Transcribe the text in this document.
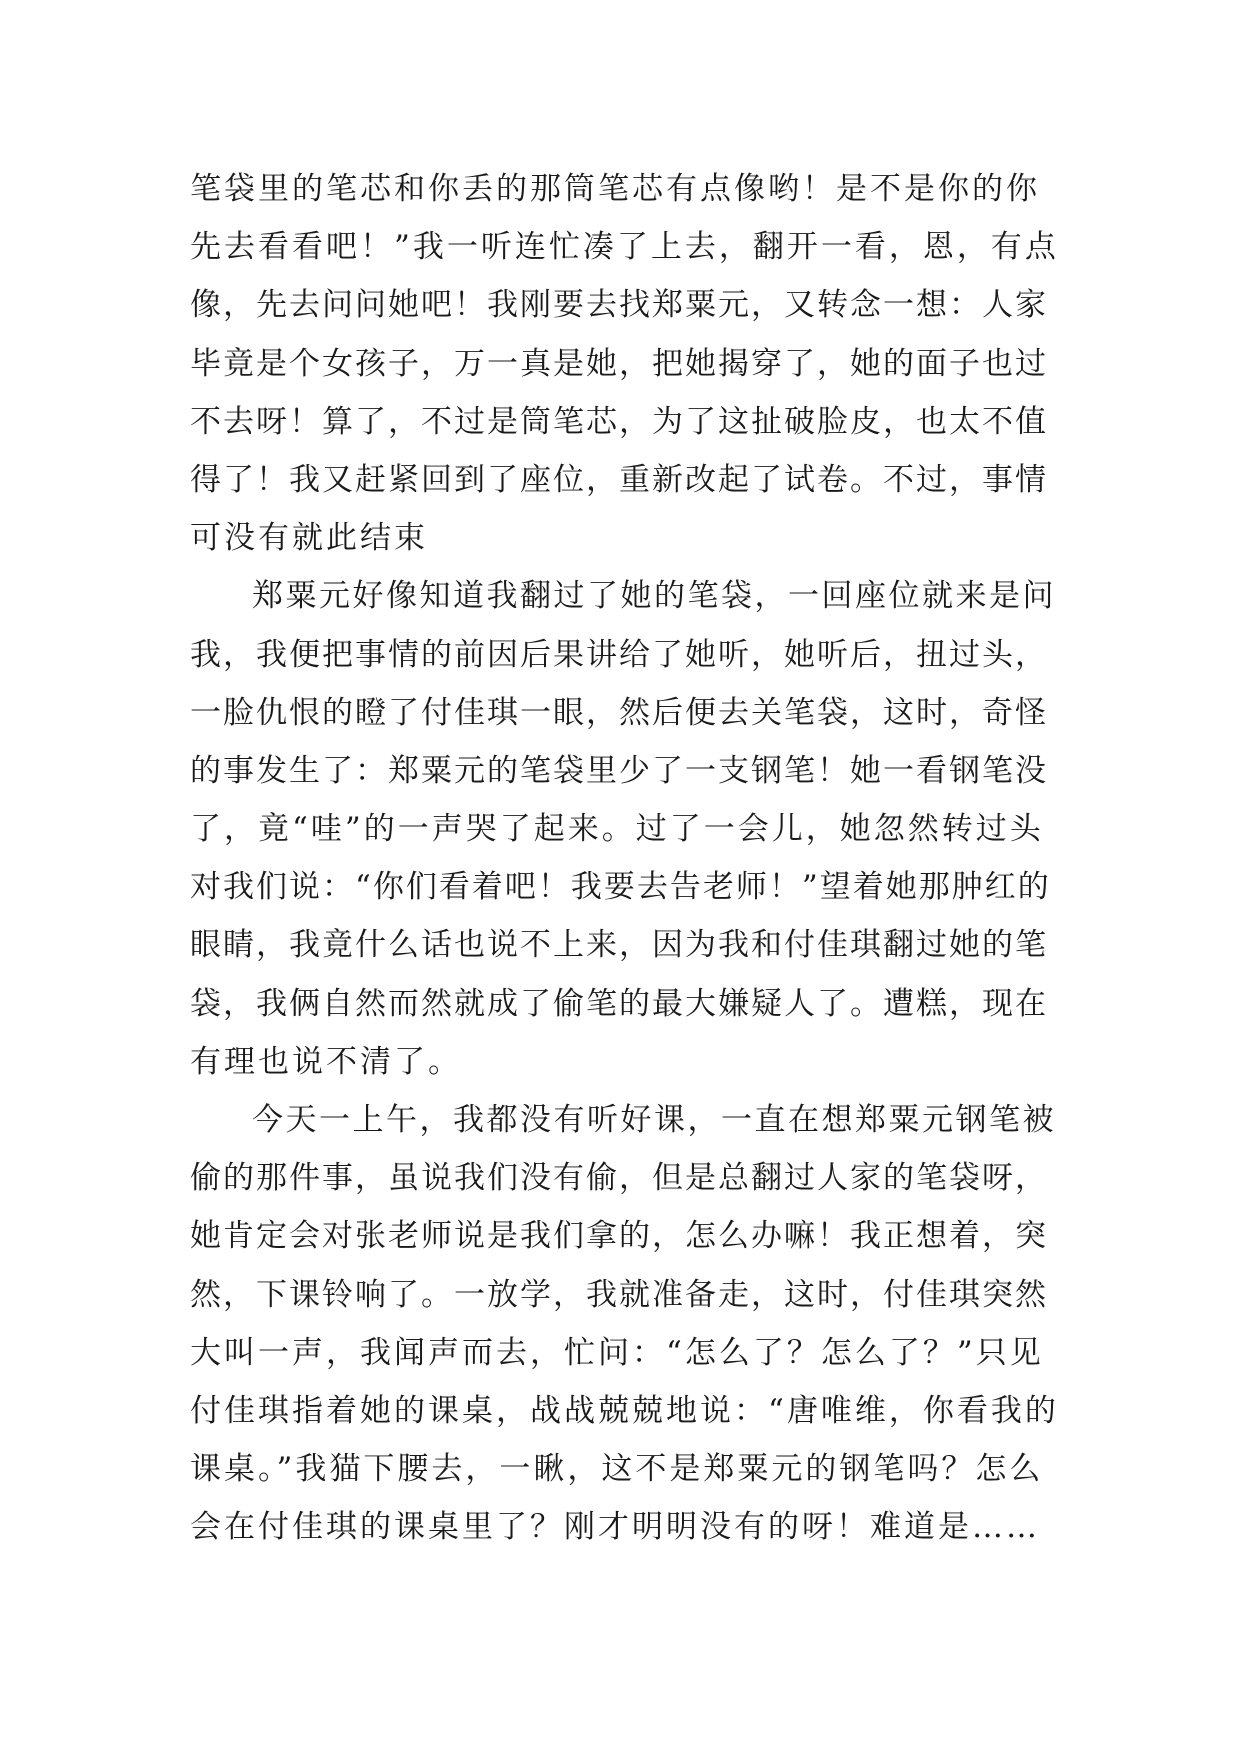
笔袋里的笔芯和你丢的那筒笔芯有点像哟！是不是你的你
先去看看吧！”我一听连忙凑了上去，翻开一看，恩，有点
像，先去问问她吧！我刚要去找郑粟元，又转念一想：人家
毕竟是个女孩子，万一真是她，把她揭穿了，她的面子也过
不去呀！算了，不过是筒笔芯，为了这扯破脸皮，也太不值
得了！我又赶紧回到了座位，重新改起了试卷。不过，事情
可没有就此结束
郑粟元好像知道我翻过了她的笔袋，一回座位就来是问
我，我便把事情的前因后果讲给了她听，她听后，扭过头，
一脸仇恨的瞪了付佳琪一眼，然后便去关笔袋，这时，奇怪
的事发生了：郑粟元的笔袋里少了一支钢笔！她一看钢笔没
了，竟“哇”的一声哭了起来。过了一会儿，她忽然转过头
对我们说：“你们看着吧！我要去告老师！”望着她那肿红的
眼睛，我竟什么话也说不上来，因为我和付佳琪翻过她的笔
袋，我俩自然而然就成了偷笔的最大嫌疑人了。遭糕，现在
有理也说不清了。
今天一上午，我都没有听好课，一直在想郑粟元钢笔被
偷的那件事，虽说我们没有偷，但是总翻过人家的笔袋呀，
她肯定会对张老师说是我们拿的，怎么办嘛！我正想着，突
然，下课铃响了。一放学，我就准备走，这时，付佳琪突然
大叫一声，我闻声而去，忙问：“怎么了？怎么了？”只见
付佳琪指着她的课桌，战战兢兢地说：“唐唯维，你看我的
课桌。”我猫下腰去，一瞅，这不是郑粟元的钢笔吗？怎么
会在付佳琪的课桌里了？刚才明明没有的呀！难道是……
